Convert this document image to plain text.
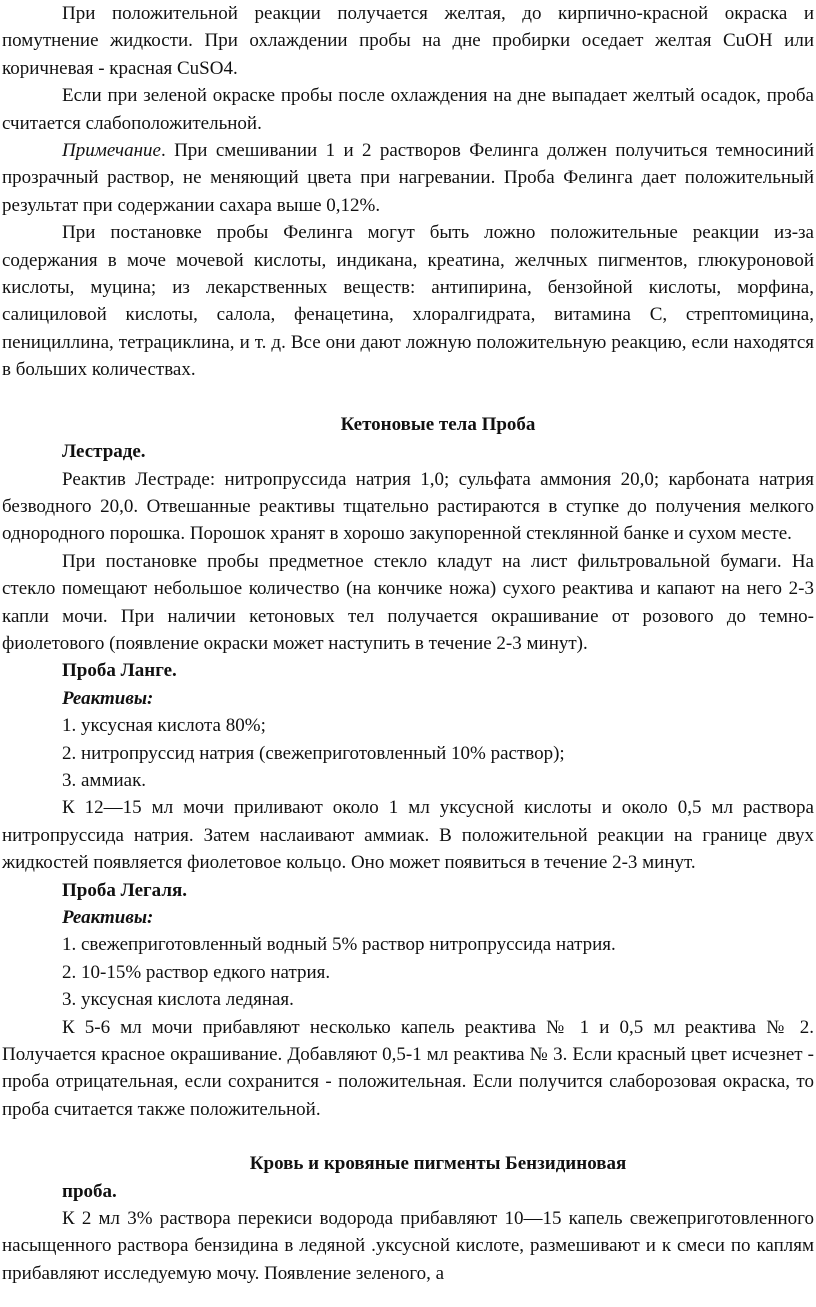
При положительной реакции получается желтая, до кирпично-красной окраска и помутнение жидкости. При охлаждении пробы на дне пробирки оседает желтая CuOH или коричневая - красная CuSO4.

Если при зеленой окраске пробы после охлаждения на дне выпадает желтый осадок, проба считается слабоположительной.

Примечание. При смешивании 1 и 2 растворов Фелинга должен получиться темносиний прозрачный раствор, не меняющий цвета при нагревании. Проба Фелинга дает положительный результат при содержании сахара выше 0,12%.

При постановке пробы Фелинга могут быть ложно положительные реакции из-за содержания в моче мочевой кислоты, индикана, креатина, желчных пигментов, глюкуроновой кислоты, муцина; из лекарственных веществ: антипирина, бензойной кислоты, морфина, салициловой кислоты, салола, фенацетина, хлоралгидрата, витамина С, стрептомицина, пенициллина, тетрациклина, и т. д. Все они дают ложную положительную реакцию, если находятся в больших количествах.

Кетоновые тела Проба

Лестраде.

Реактив Лестраде: нитропруссида натрия 1,0; сульфата аммония 20,0; карбоната натрия безводного 20,0. Отвешанные реактивы тщательно растираются в ступке до получения мелкого однородного порошка. Порошок хранят в хорошо закупоренной стеклянной банке и сухом месте.

При постановке пробы предметное стекло кладут на лист фильтровальной бумаги. На стекло помещают небольшое количество (на кончике ножа) сухого реактива и капают на него 2-3 капли мочи. При наличии кетоновых тел получается окрашивание от розового до темно-фиолетового (появление окраски может наступить в течение 2-3 минут).

Проба Ланге.

Реактивы:

1. уксусная кислота 80%;

2. нитропруссид натрия (свежеприготовленный 10% раствор);

3. аммиак.

К 12—15 мл мочи приливают около 1 мл уксусной кислоты и около 0,5 мл раствора нитропруссида натрия. Затем наслаивают аммиак. В положительной реакции на границе двух жидкостей появляется фиолетовое кольцо. Оно может появиться в течение 2-3 минут.

Проба Легаля.

Реактивы:

1. свежеприготовленный водный 5% раствор нитропруссида натрия.

2. 10-15% раствор едкого натрия.

3. уксусная кислота ледяная.

К 5-6 мл мочи прибавляют несколько капель реактива № 1 и 0,5 мл реактива № 2. Получается красное окрашивание. Добавляют 0,5-1 мл реактива № 3. Если красный цвет исчезнет - проба отрицательная, если сохранится - положительная. Если получится слаборозовая окраска, то проба считается также положительной.

Кровь и кровяные пигменты Бензидиновая

проба.

К 2 мл 3% раствора перекиси водорода прибавляют 10—15 капель свежеприготовленного насыщенного раствора бензидина в ледяной .уксусной кислоте, размешивают и к смеси по каплям прибавляют исследуемую мочу. Появление зеленого, а
